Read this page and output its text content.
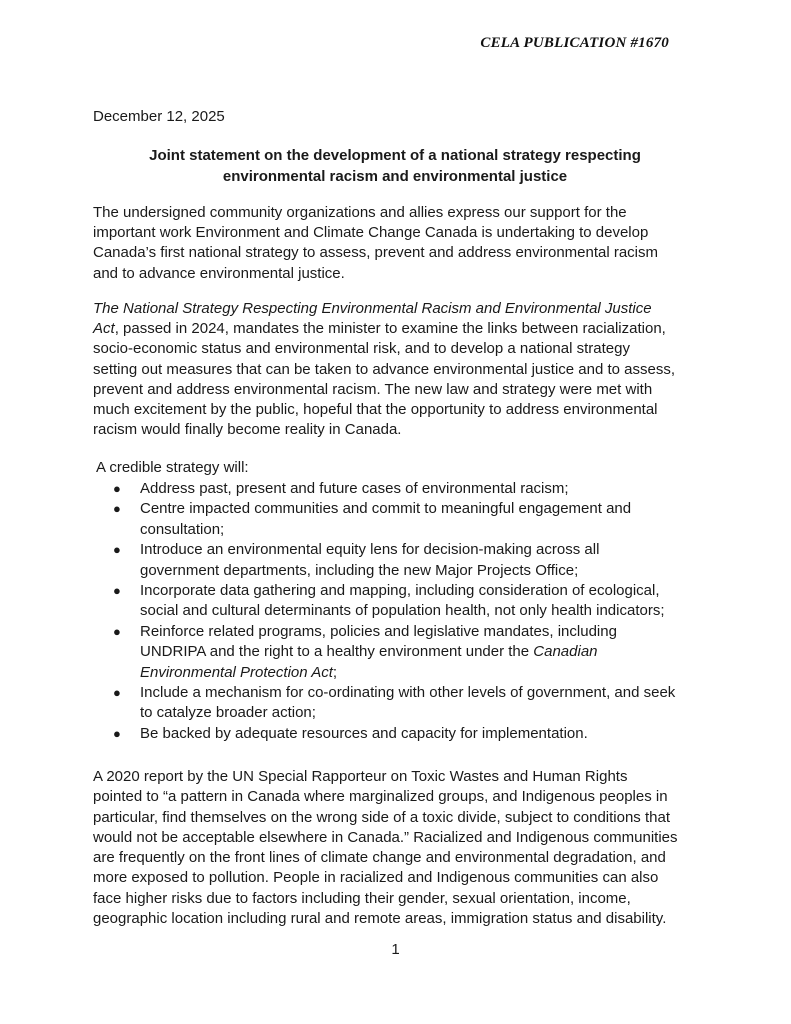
CELA PUBLICATION #1670
December 12, 2025
Joint statement on the development of a national strategy respecting
environmental racism and environmental justice
The undersigned community organizations and allies express our support for the
important work Environment and Climate Change Canada is undertaking to develop
Canada’s first national strategy to assess, prevent and address environmental racism
and to advance environmental justice.
The National Strategy Respecting Environmental Racism and Environmental Justice
Act, passed in 2024, mandates the minister to examine the links between racialization,
socio-economic status and environmental risk, and to develop a national strategy
setting out measures that can be taken to advance environmental justice and to assess,
prevent and address environmental racism. The new law and strategy were met with
much excitement by the public, hopeful that the opportunity to address environmental
racism would finally become reality in Canada.
A credible strategy will:
● Address past, present and future cases of environmental racism;
● Centre impacted communities and commit to meaningful engagement and
consultation;
● Introduce an environmental equity lens for decision-making across all
government departments, including the new Major Projects Office;
● Incorporate data gathering and mapping, including consideration of ecological,
social and cultural determinants of population health, not only health indicators;
● Reinforce related programs, policies and legislative mandates, including
UNDRIPA and the right to a healthy environment under the Canadian
Environmental Protection Act;
● Include a mechanism for co-ordinating with other levels of government, and seek
to catalyze broader action;
● Be backed by adequate resources and capacity for implementation.
A 2020 report by the UN Special Rapporteur on Toxic Wastes and Human Rights
pointed to “a pattern in Canada where marginalized groups, and Indigenous peoples in
particular, find themselves on the wrong side of a toxic divide, subject to conditions that
would not be acceptable elsewhere in Canada.” Racialized and Indigenous communities
are frequently on the front lines of climate change and environmental degradation, and
more exposed to pollution. People in racialized and Indigenous communities can also
face higher risks due to factors including their gender, sexual orientation, income,
geographic location including rural and remote areas, immigration status and disability.
1
